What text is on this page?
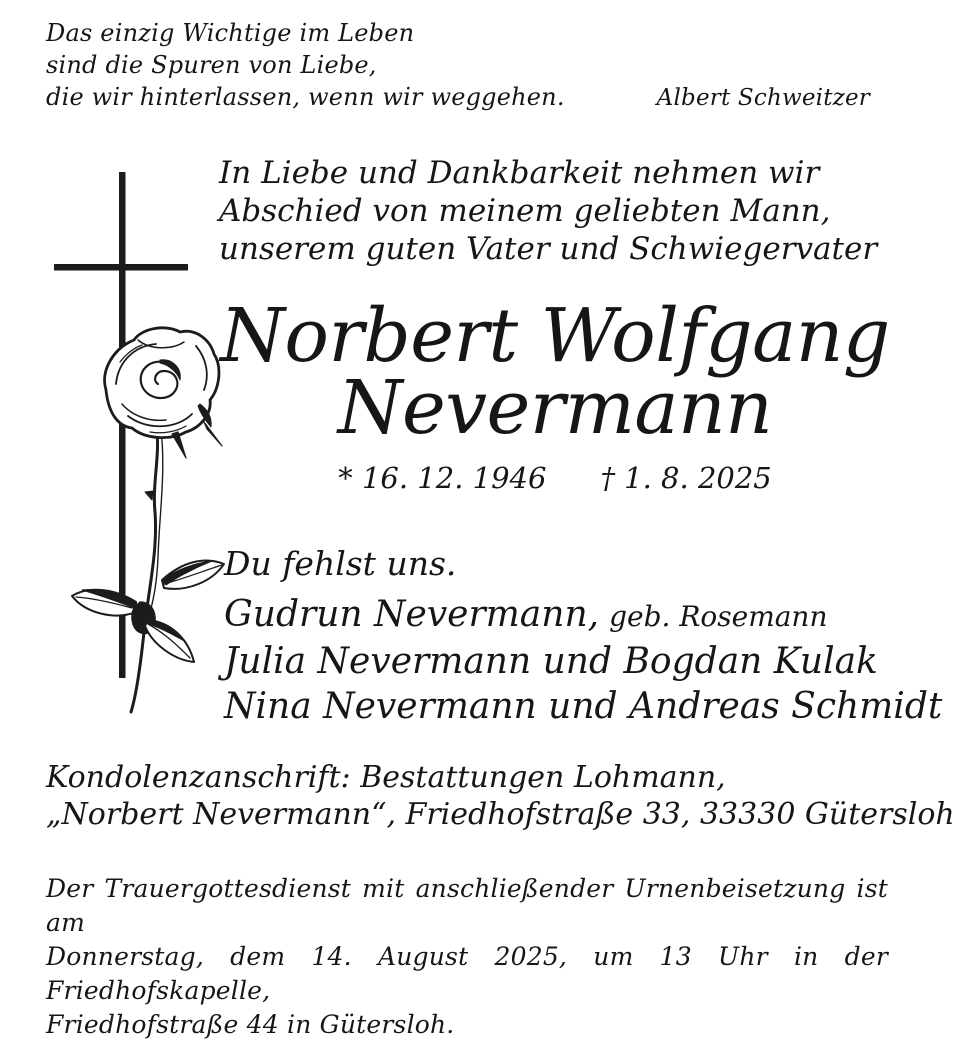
Das einzig Wichtige im Leben
sind die Spuren von Liebe,
die wir hinterlassen, wenn wir weggehen.	Albert Schweitzer
In Liebe und Dankbarkeit nehmen wir
Abschied von meinem geliebten Mann,
unserem guten Vater und Schwiegervater
Norbert Wolfgang
Nevermann
* 16. 12. 1946 † 1. 8. 2025
Du fehlst uns.
Gudrun Nevermann, geb. Rosemann
Julia Nevermann und Bogdan Kulak
Nina Nevermann und Andreas Schmidt
Kondolenzanschrift: Bestattungen Lohmann,
„Norbert Nevermann“, Friedhofstraße 33, 33330 Gütersloh
Der Trauergottesdienst mit anschließender Urnenbeisetzung ist am
Donnerstag, dem 14. August 2025, um 13 Uhr in der Friedhofskapelle,
Friedhofstraße 44 in Gütersloh.
